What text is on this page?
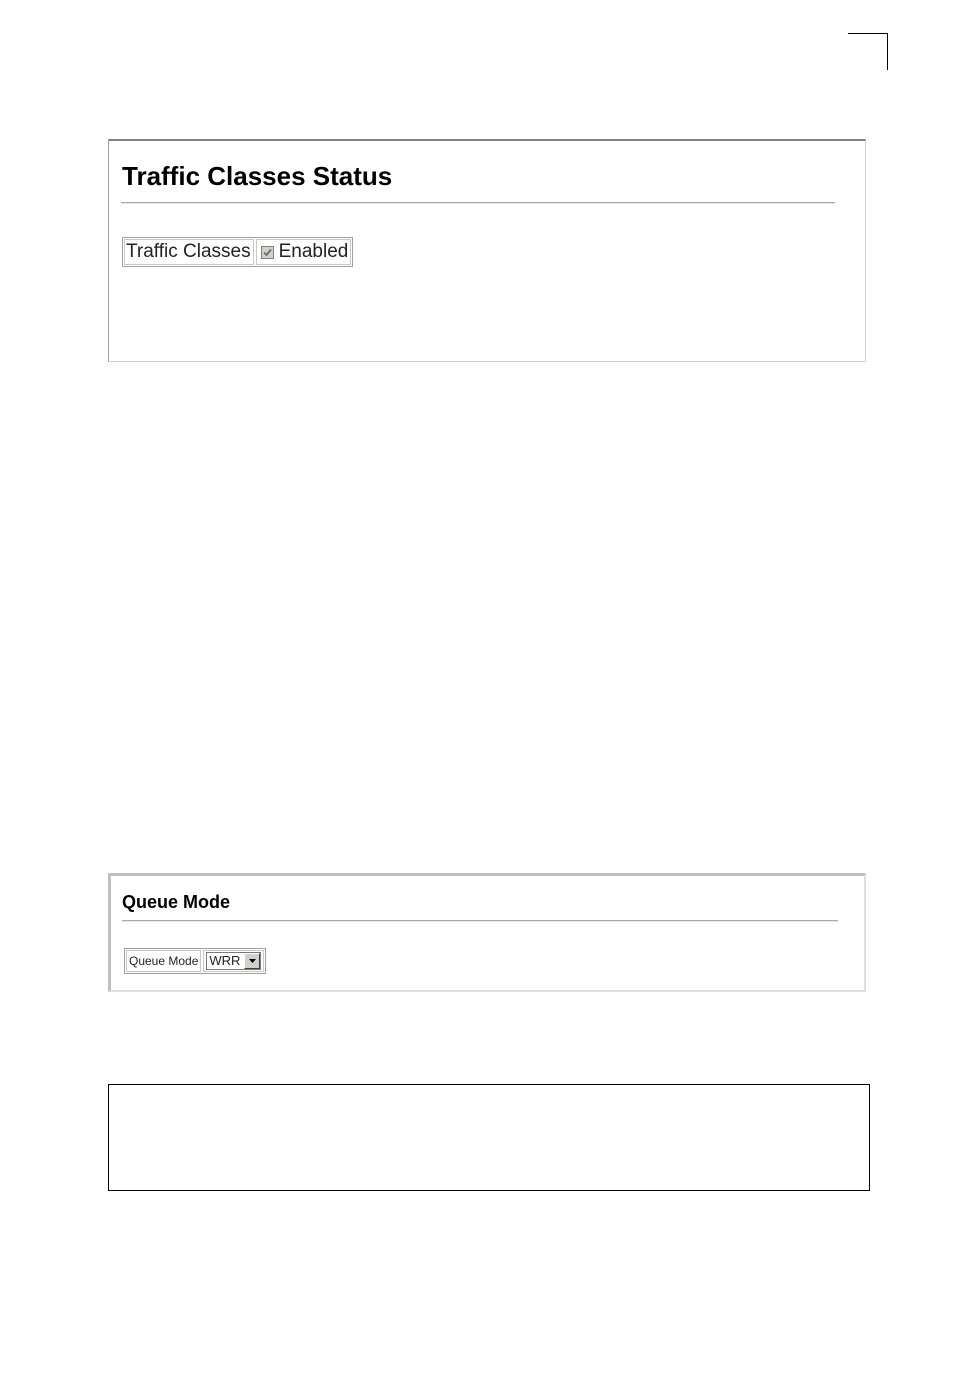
Traffic Classes Status
Traffic Classes Enabled
Queue Mode
Queue Mode WRR
